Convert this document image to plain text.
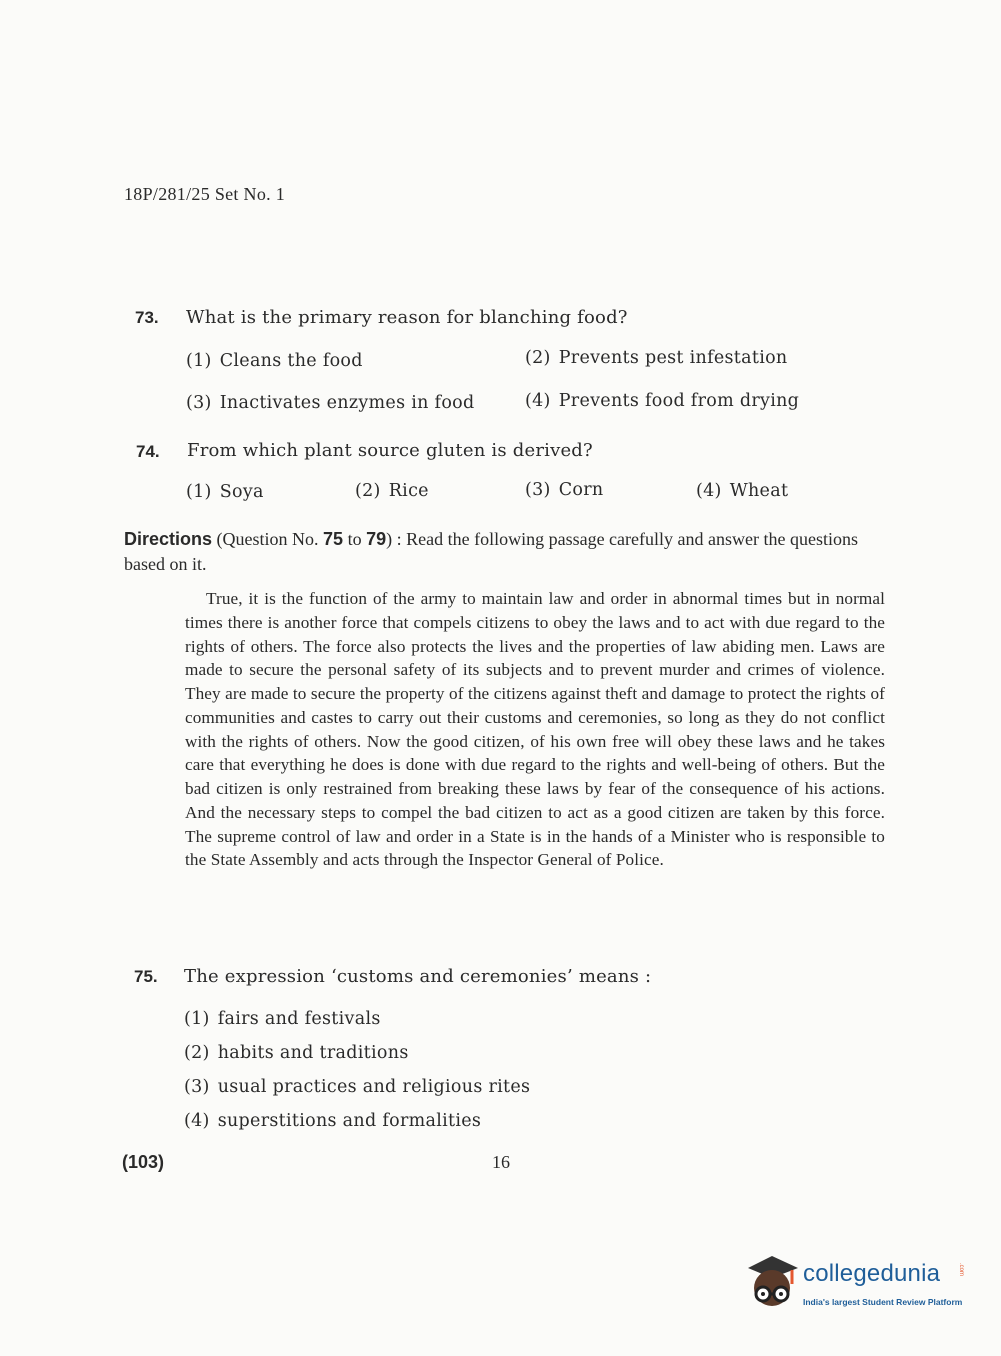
18P/281/25 Set No. 1
73. What is the primary reason for blanching food?
(1) Cleans the food	(2) Prevents pest infestation
(3) Inactivates enzymes in food	(4) Prevents food from drying
74. From which plant source gluten is derived?
(1) Soya	(2) Rice	(3) Corn	(4) Wheat
Directions (Question No. 75 to 79) : Read the following passage carefully and answer the questions based on it.
True, it is the function of the army to maintain law and order in abnormal times but in normal times there is another force that compels citizens to obey the laws and to act with due regard to the rights of others. The force also protects the lives and the properties of law abiding men. Laws are made to secure the personal safety of its subjects and to prevent murder and crimes of violence. They are made to secure the property of the citizens against theft and damage to protect the rights of communities and castes to carry out their customs and ceremonies, so long as they do not conflict with the rights of others. Now the good citizen, of his own free will obey these laws and he takes care that everything he does is done with due regard to the rights and well-being of others. But the bad citizen is only restrained from breaking these laws by fear of the consequence of his actions. And the necessary steps to compel the bad citizen to act as a good citizen are taken by this force. The supreme control of law and order in a State is in the hands of a Minister who is responsible to the State Assembly and acts through the Inspector General of Police.
75. The expression ‘customs and ceremonies’ means :
(1) fairs and festivals
(2) habits and traditions
(3) usual practices and religious rites
(4) superstitions and formalities
(103)	16
collegedunia	.com
India's largest Student Review Platform
